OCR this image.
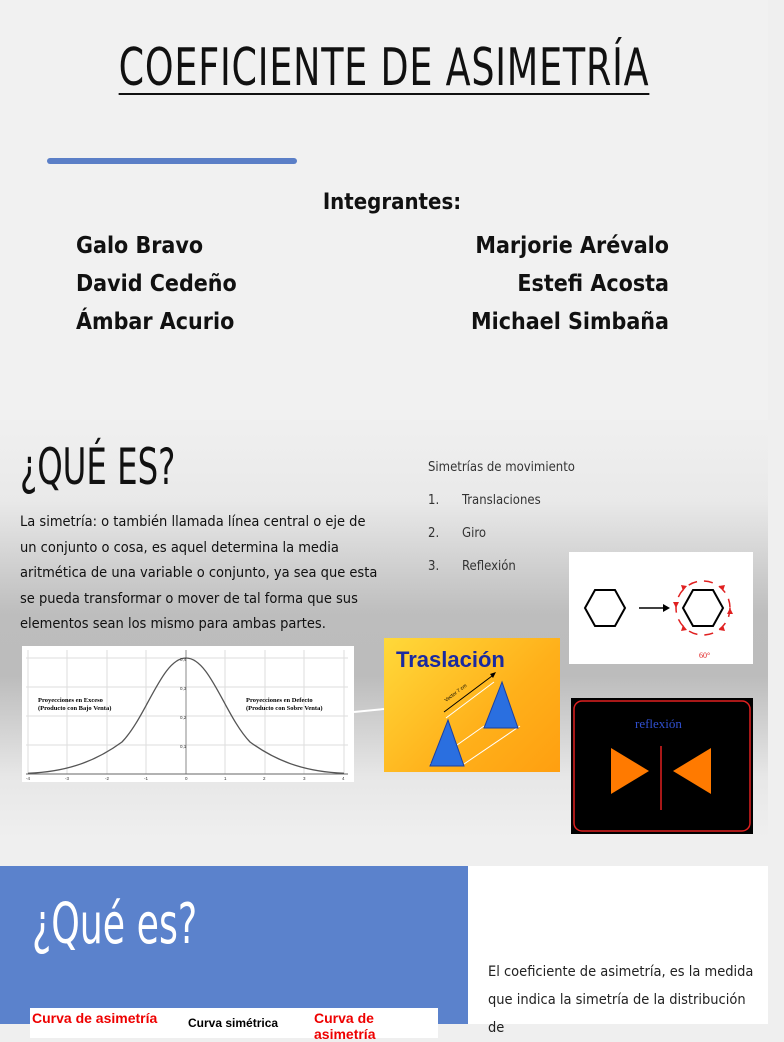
COEFICIENTE DE ASIMETRÍA
Integrantes:
Galo Bravo
David Cedeño
Ámbar Acurio
Marjorie Arévalo
Estefi Acosta
Michael Simbaña
¿QUÉ ES?
La simetría: o también llamada línea central o eje de un conjunto o cosa, es aquel determina la media aritmética de una variable o conjunto, ya sea que esta se pueda transformar o mover de tal forma que sus elementos sean los mismo para ambas partes.
Simetrías de movimiento
1. Translaciones
2. Giro
3. Reflexión
Proyecciones en Exceso
(Producto con Bajo Venta)
Proyecciones en Defecto
(Producto con Sobre Venta)
0,4
0,3
0,2
0,1
-4	-3	-2	-1	0	1	2	3	4
Traslación
Vector 7 cm
60°
reflexión
¿Qué es?
El coeficiente de asimetría, es la medida que indica la simetría de la distribución de
Curva de asimetría	Curva simétrica	Curva de asimetría
